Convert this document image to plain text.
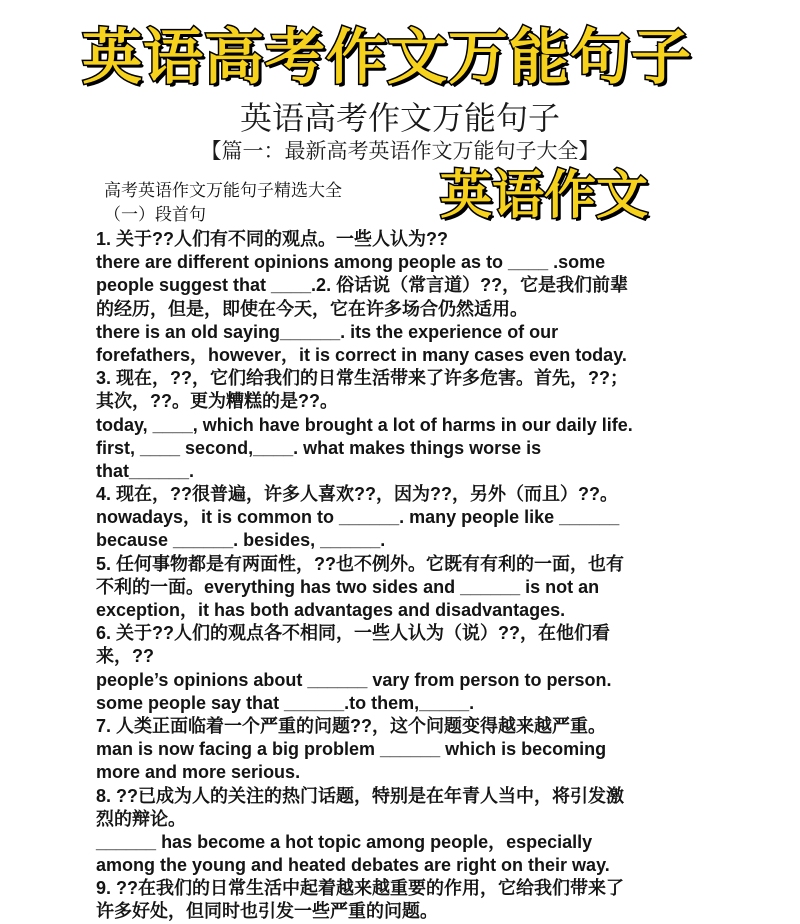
英语高考作文万能句子
英语高考作文万能句子
【篇一：最新高考英语作文万能句子大全】
高考英语作文万能句子精选大全
（一）段首句	英语作文
1. 关于??人们有不同的观点。一些人认为??
there are different opinions among people as to ____ .some
people suggest that ____.2. 俗话说（常言道）??，它是我们前辈
的经历，但是，即使在今天，它在许多场合仍然适用。
there is an old saying______. its the experience of our
forefathers，however，it is correct in many cases even today.
3. 现在，??，它们给我们的日常生活带来了许多危害。首先，??；
其次，??。更为糟糕的是??。
today, ____, which have brought a lot of harms in our daily life.
first, ____ second,____. what makes things worse is
that______.
4. 现在，??很普遍，许多人喜欢??，因为??，另外（而且）??。
nowadays，it is common to ______. many people like ______
because ______. besides, ______.
5. 任何事物都是有两面性，??也不例外。它既有有利的一面，也有
不利的一面。everything has two sides and ______ is not an
exception，it has both advantages and disadvantages.
6. 关于??人们的观点各不相同，一些人认为（说）??，在他们看
来，??
people’s opinions about ______ vary from person to person.
some people say that ______.to them,_____.
7. 人类正面临着一个严重的问题??，这个问题变得越来越严重。
man is now facing a big problem ______ which is becoming
more and more serious.
8. ??已成为人的关注的热门话题，特别是在年青人当中，将引发激
烈的辩论。
______ has become a hot topic among people，especially
among the young and heated debates are right on their way.
9. ??在我们的日常生活中起着越来越重要的作用，它给我们带来了
许多好处，但同时也引发一些严重的问题。
